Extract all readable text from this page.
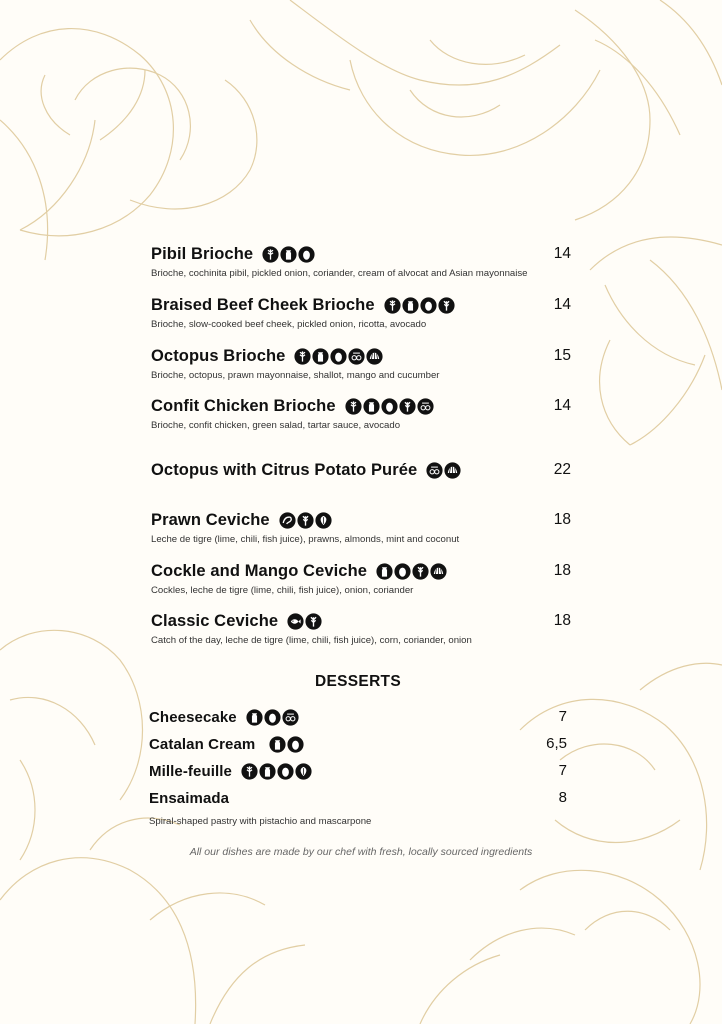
Pibil Brioche	14
Brioche, cochinita pibil, pickled onion, coriander, cream of alvocat and Asian mayonnaise
Braised Beef Cheek Brioche	14
Brioche, slow-cooked beef cheek, pickled onion, ricotta, avocado
Octopus Brioche	15
Brioche, octopus, prawn mayonnaise, shallot, mango and cucumber
Confit Chicken Brioche	14
Brioche, confit chicken, green salad, tartar sauce, avocado
Octopus with Citrus Potato Purée	22
Prawn Ceviche	18
Leche de tigre (lime, chili, fish juice), prawns, almonds, mint and coconut
Cockle and Mango Ceviche	18
Cockles, leche de tigre (lime, chili, fish juice), onion, coriander
Classic Ceviche	18
Catch of the day, leche de tigre (lime, chili, fish juice), corn, coriander, onion
DESSERTS
Cheesecake	7
Catalan Cream	6,5
Mille-feuille	7
Ensaimada	8
Spiral-shaped pastry with pistachio and mascarpone
All our dishes are made by our chef with fresh, locally sourced ingredients
